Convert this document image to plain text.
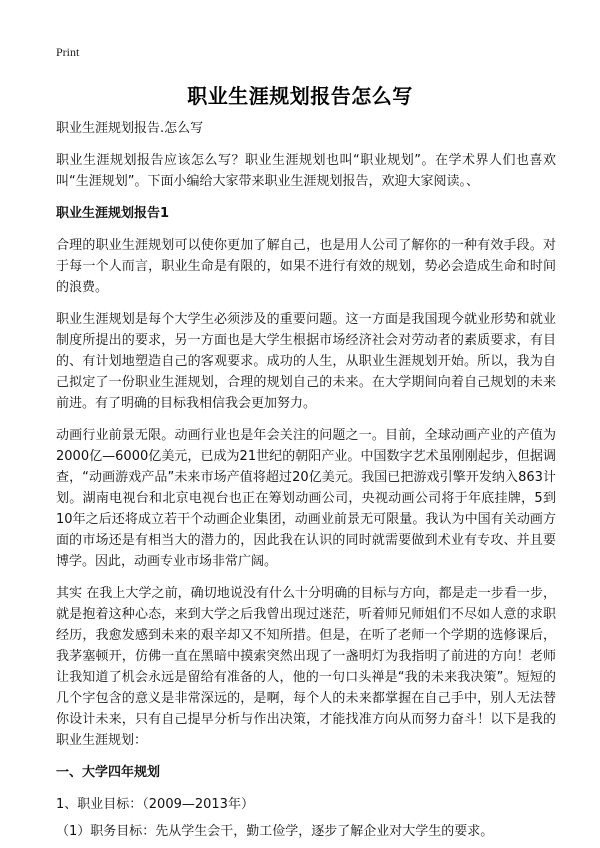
Print
职业生涯规划报告怎么写

职业生涯规划报告.怎么写

职业生涯规划报告应该怎么写？职业生涯规划也叫“职业规划”。在学术界人们也喜欢叫“生涯规划”。下面小编给大家带来职业生涯规划报告，欢迎大家阅读。、

职业生涯规划报告1

合理的职业生涯规划可以使你更加了解自己，也是用人公司了解你的一种有效手段。对于每一个人而言，职业生命是有限的，如果不进行有效的规划，势必会造成生命和时间的浪费。

职业生涯规划是每个大学生必须涉及的重要问题。这一方面是我国现今就业形势和就业制度所提出的要求，另一方面也是大学生根据市场经济社会对劳动者的素质要求，有目的、有计划地塑造自己的客观要求。成功的人生，从职业生涯规划开始。所以，我为自己拟定了一份职业生涯规划，合理的规划自己的未来。在大学期间向着自己规划的未来前进。有了明确的目标我相信我会更加努力。

动画行业前景无限。动画行业也是年会关注的问题之一。目前，全球动画产业的产值为2000亿—6000亿美元，已成为21世纪的朝阳产业。中国数字艺术虽刚刚起步，但据调查，“动画游戏产品”未来市场产值将超过20亿美元。我国已把游戏引擎开发纳入863计划。湖南电视台和北京电视台也正在筹划动画公司，央视动画公司将于年底挂牌，5到10年之后还将成立若干个动画企业集团，动画业前景无可限量。我认为中国有关动画方面的市场还是有相当大的潜力的，因此我在认识的同时就需要做到术业有专攻、并且要博学。因此，动画专业市场非常广阔。

其实 在我上大学之前，确切地说没有什么十分明确的目标与方向，都是走一步看一步，就是抱着这种心态，来到大学之后我曾出现过迷茫，听着师兄师姐们不尽如人意的求职经历，我愈发感到未来的艰辛却又不知所措。但是，在听了老师一个学期的选修课后，我茅塞顿开，仿佛一直在黑暗中摸索突然出现了一盏明灯为我指明了前进的方向！老师让我知道了机会永远是留给有准备的人，他的一句口头禅是“我的未来我决策”。短短的几个字包含的意义是非常深远的，是啊，每个人的未来都掌握在自己手中，别人无法替你设计未来，只有自己提早分析与作出决策，才能找准方向从而努力奋斗！以下是我的职业生涯规划：

一、大学四年规划

1、职业目标：（2009—2013年）

（1）职务目标：先从学生会干，勤工俭学，逐步了解企业对大学生的要求。
